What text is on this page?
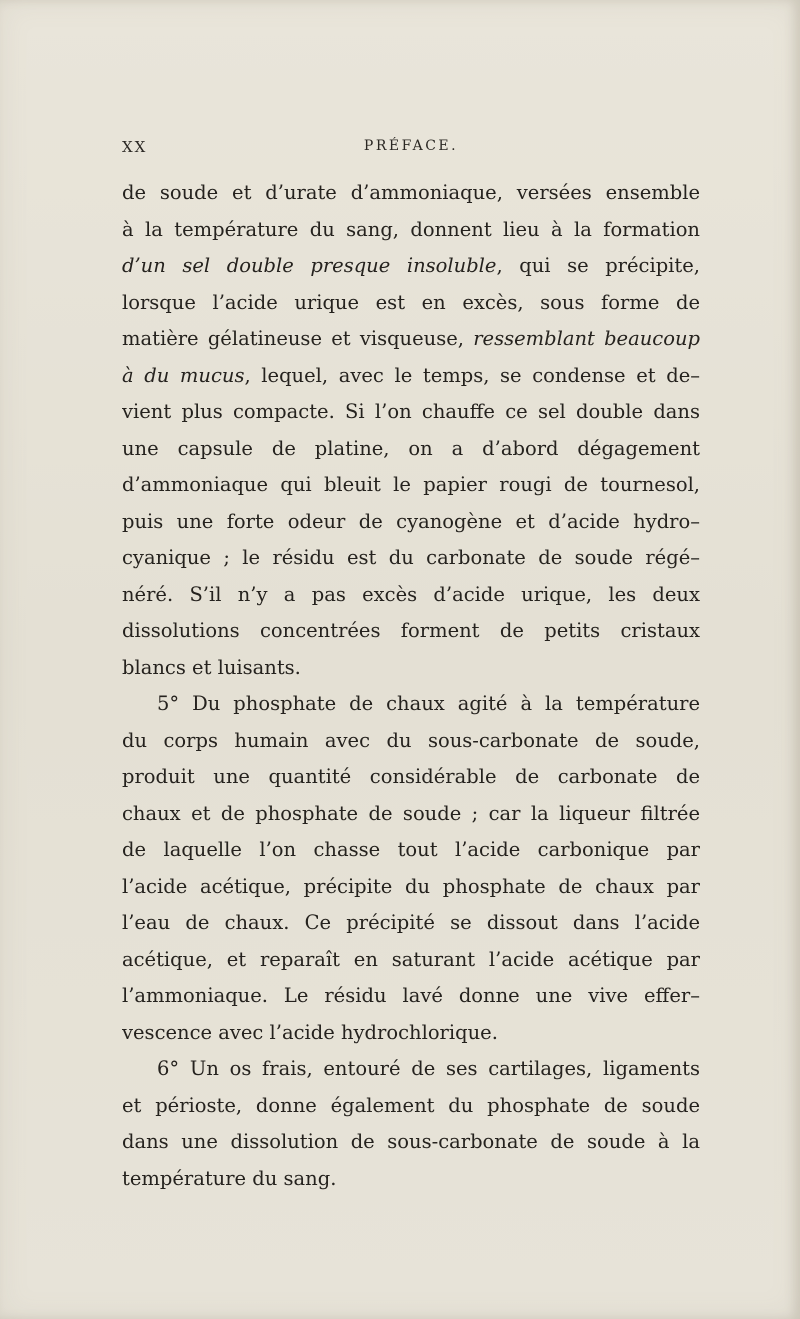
XX	PRÉFACE.
de soude et d’urate d’ammoniaque, versées ensemble
à la température du sang, donnent lieu à la formation
d’un sel double presque insoluble, qui se précipite,
lorsque l’acide urique est en excès, sous forme de
matière gélatineuse et visqueuse, ressemblant beaucoup
à du mucus, lequel, avec le temps, se condense et de–
vient plus compacte. Si l’on chauffe ce sel double dans
une capsule de platine, on a d’abord dégagement
d’ammoniaque qui bleuit le papier rougi de tournesol,
puis une forte odeur de cyanogène et d’acide hydro–
cyanique ; le résidu est du carbonate de soude régé–
néré. S’il n’y a pas excès d’acide urique, les deux
dissolutions concentrées forment de petits cristaux
blancs et luisants.
5° Du phosphate de chaux agité à la température
du corps humain avec du sous-carbonate de soude,
produit une quantité considérable de carbonate de
chaux et de phosphate de soude ; car la liqueur filtrée
de laquelle l’on chasse tout l’acide carbonique par
l’acide acétique, précipite du phosphate de chaux par
l’eau de chaux. Ce précipité se dissout dans l’acide
acétique, et reparaît en saturant l’acide acétique par
l’ammoniaque. Le résidu lavé donne une vive effer–
vescence avec l’acide hydrochlorique.
6° Un os frais, entouré de ses cartilages, ligaments
et périoste, donne également du phosphate de soude
dans une dissolution de sous-carbonate de soude à la
température du sang.
